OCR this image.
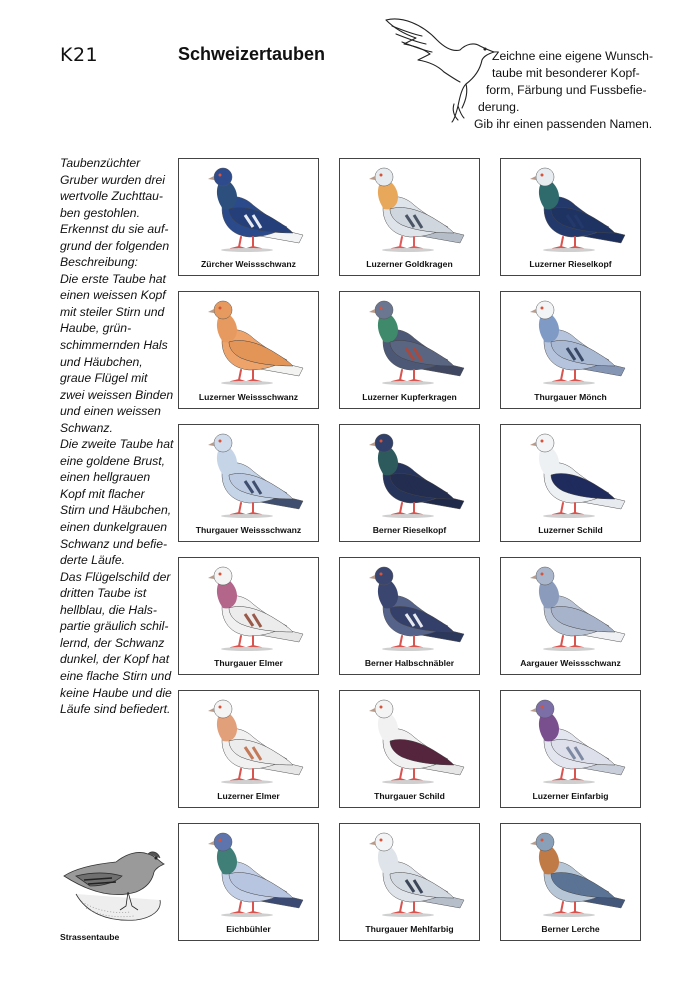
K21	Schweizertauben	Zeichne eine eigene Wunsch-
taube mit besonderer Kopf-
form, Färbung und Fussbefie-
derung.
Gib ihr einen passenden Namen.
Taubenzüchter
Gruber wurden drei
wertvolle Zuchttau-
ben gestohlen.
Erkennst du sie auf-
grund der folgenden
Beschreibung:
Die erste Taube hat
einen weissen Kopf
mit steiler Stirn und
Haube, grün-
schimmernden Hals
und Häubchen,
graue Flügel mit
zwei weissen Binden
und einen weissen
Schwanz.
Die zweite Taube hat
eine goldene Brust,
einen hellgrauen
Kopf mit flacher
Stirn und Häubchen,
einen dunkelgrauen
Schwanz und befie-
derte Läufe.
Das Flügelschild der
dritten Taube ist
hellblau, die Hals-
partie gräulich schil-
lernd, der Schwanz
dunkel, der Kopf hat
eine flache Stirn und
keine Haube und die
Läufe sind befiedert.
Zürcher Weissschwanz	Luzerner Goldkragen	Luzerner Rieselkopf
Luzerner Weissschwanz	Luzerner Kupferkragen	Thurgauer Mönch
Thurgauer Weissschwanz	Berner Rieselkopf	Luzerner Schild
Thurgauer Elmer	Berner Halbschnäbler	Aargauer Weissschwanz
Luzerner Elmer	Thurgauer Schild	Luzerner Einfarbig
Eichbühler	Thurgauer Mehlfarbig	Berner Lerche
Strassentaube
